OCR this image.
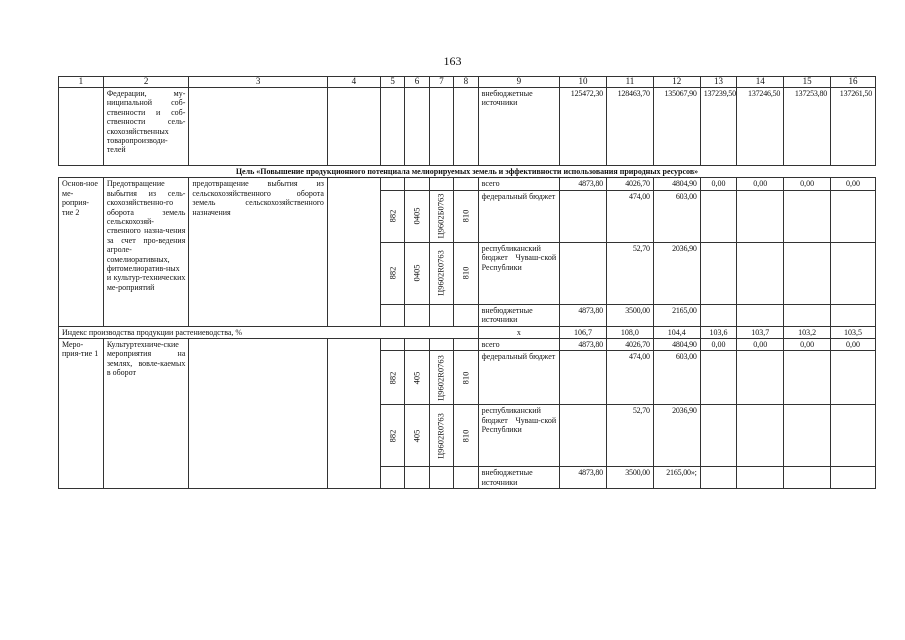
163
1	2	3	4	5	6	7	8	9	10	11	12	13	14	15	16
	Федерации, му-ниципальной соб-ственности и соб-ственности сель-скохозяйственных товаропроизводи-телей							внебюджетные источники	125472,30	128463,70	135067,90	137239,50	137246,50	137253,80	137261,50
Цель «Повышение продукционного потенциала мелиорируемых земель и эффективности использования природных ресурсов»															
Основ-ное ме-роприя-тие 2	Предотвращение выбытия из сель-скохозяйственно-го оборота земель сельскохозяй-ственного назна-чения за счет про-ведения агроле-сомелиоративных, фитомелиоратив-ных и культур-технических ме-роприятий	предотвращение выбытия из сельскохозяйственного оборота земель сельскохозяйственного назначения						всего	4873,80	4026,70	4804,90	0,00	0,00	0,00	0,00

				882	0405	Ц9602Б0763	810	федеральный бюджет		474,00	603,00				

				882	0405	Ц9602R0763	810	республиканский бюджет Чуваш-ской Республики		52,70	2036,90				
								внебюджетные источники	4873,80	3500,00	2165,00				
Индекс производства продукции растениеводства, %								х	106,7	108,0	104,4	103,6	103,7	103,2	103,5
Меро-прия-тие 1	Культуртехниче-ские мероприятия на землях, вовле-каемых в оборот							всего	4873,80	4026,70	4804,90	0,00	0,00	0,00	0,00

				882	405	Ц9602R0763	810	федеральный бюджет		474,00	603,00				

				882	405	Ц9602R0763	810	республиканский бюджет Чуваш-ской Республики		52,70	2036,90				
								внебюджетные источники	4873,80	3500,00	2165,00»;				
